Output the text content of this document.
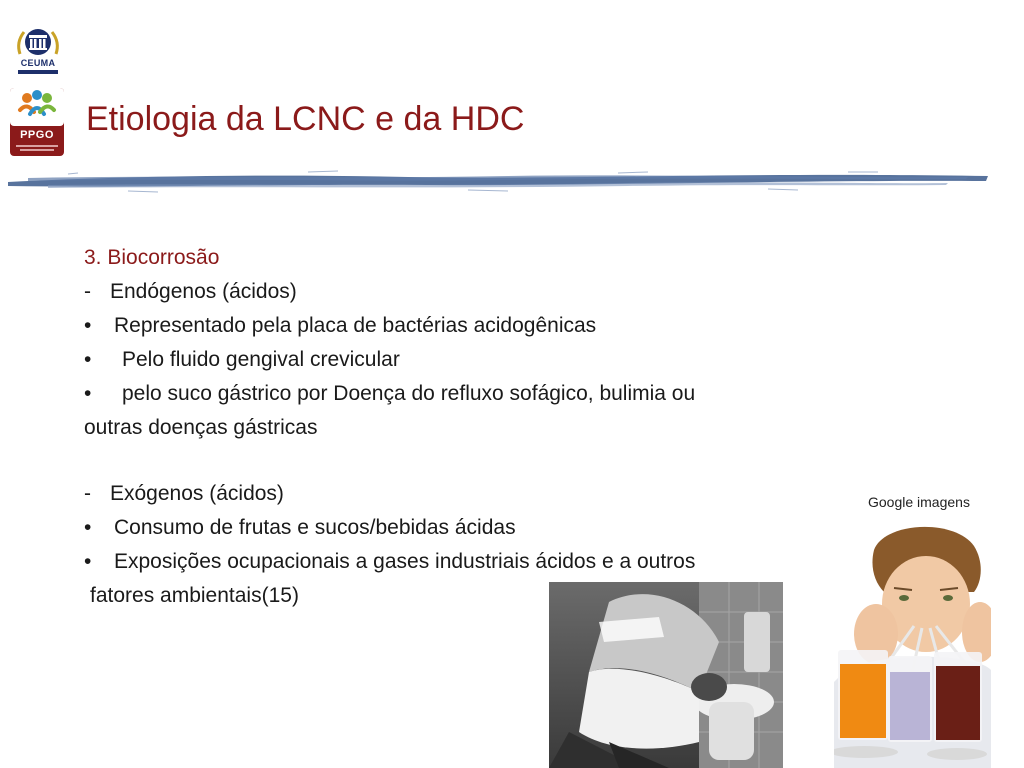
CEUMA
PPGO Etiologia da LCNC e da HDC
3. Biocorrosão
- Endógenos (ácidos)
• Representado pela placa de bactérias acidogênicas
• Pelo fluido gengival crevicular
• pelo suco gástrico por Doença do refluxo sofágico, bulimia ou
outras doenças gástricas
- Exógenos (ácidos)
• Consumo de frutas e sucos/bebidas ácidas
• Exposições ocupacionais a gases industriais ácidos e a outros
fatores ambientais(15)
Google imagens
